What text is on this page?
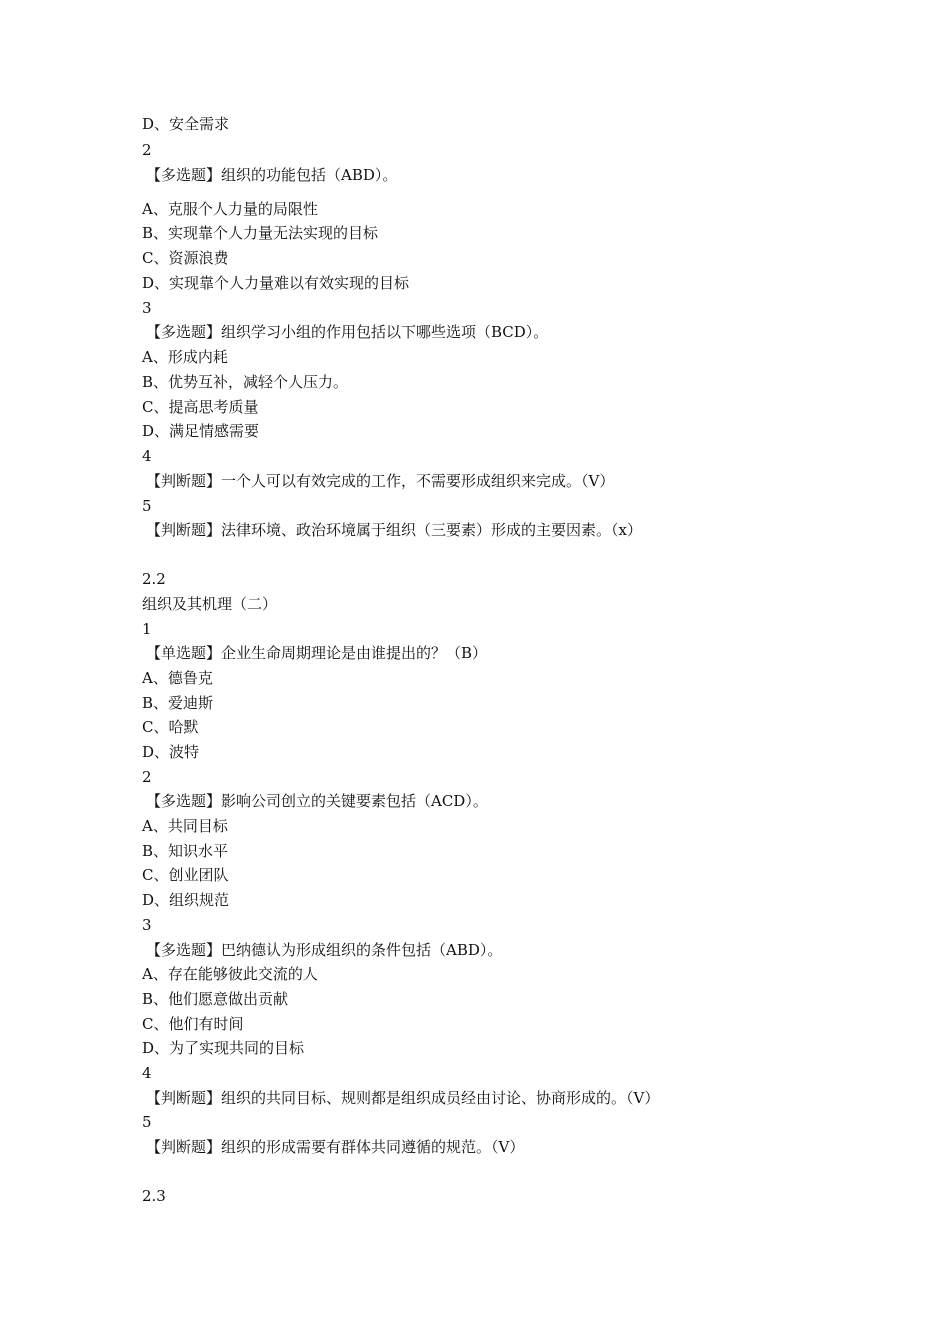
D、安全需求
2
【多选题】组织的功能包括（ABD）。
A、克服个人力量的局限性
B、实现靠个人力量无法实现的目标
C、资源浪费
D、实现靠个人力量难以有效实现的目标
3
【多选题】组织学习小组的作用包括以下哪些选项（BCD）。
A、形成内耗
B、优势互补，减轻个人压力。
C、提高思考质量
D、满足情感需要
4
【判断题】一个人可以有效完成的工作，不需要形成组织来完成。（V）
5
【判断题】法律环境、政治环境属于组织（三要素）形成的主要因素。（x）
2.2
组织及其机理（二）
1
【单选题】企业生命周期理论是由谁提出的？（B）
A、德鲁克
B、爱迪斯
C、哈默
D、波特
2
【多选题】影响公司创立的关键要素包括（ACD）。
A、共同目标
B、知识水平
C、创业团队
D、组织规范
3
【多选题】巴纳德认为形成组织的条件包括（ABD）。
A、存在能够彼此交流的人
B、他们愿意做出贡献
C、他们有时间
D、为了实现共同的目标
4
【判断题】组织的共同目标、规则都是组织成员经由讨论、协商形成的。（V）
5
【判断题】组织的形成需要有群体共同遵循的规范。（V）
2.3
